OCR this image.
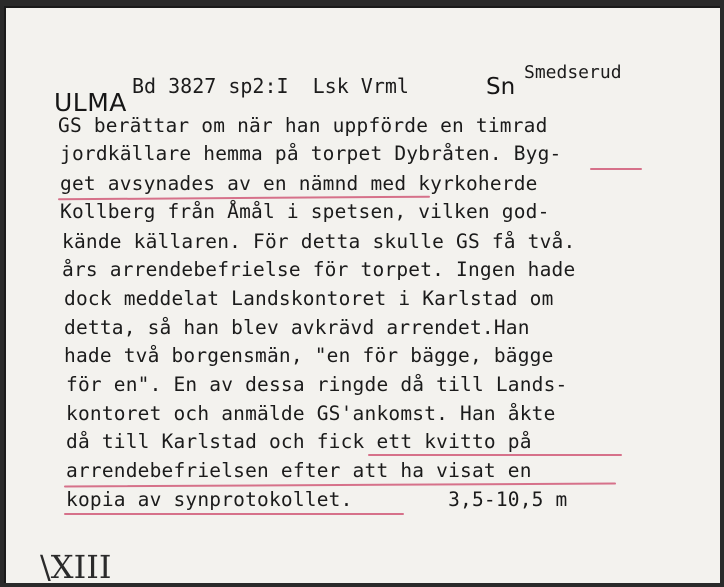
ULMA
Bd 3827 sp2:I  Lsk Vrml	Sn
Smedserud
GS berättar om när han uppförde en timrad
jordkällare hemma på torpet Dybråten. Byg-
get avsynades av en nämnd med kyrkoherde
Kollberg från Åmål i spetsen, vilken god-
kände källaren. För detta skulle GS få två.
års arrendebefrielse för torpet. Ingen hade
dock meddelat Landskontoret i Karlstad om
detta, så han blev avkrävd arrendet.Han
hade två borgensmän, "en för bägge, bägge
för en". En av dessa ringde då till Lands-
kontoret och anmälde GS'ankomst. Han åkte
då till Karlstad och fick ett kvitto på
arrendebefrielsen efter att ha visat en
kopia av synprotokollet.        3,5-10,5 m
\XIII
